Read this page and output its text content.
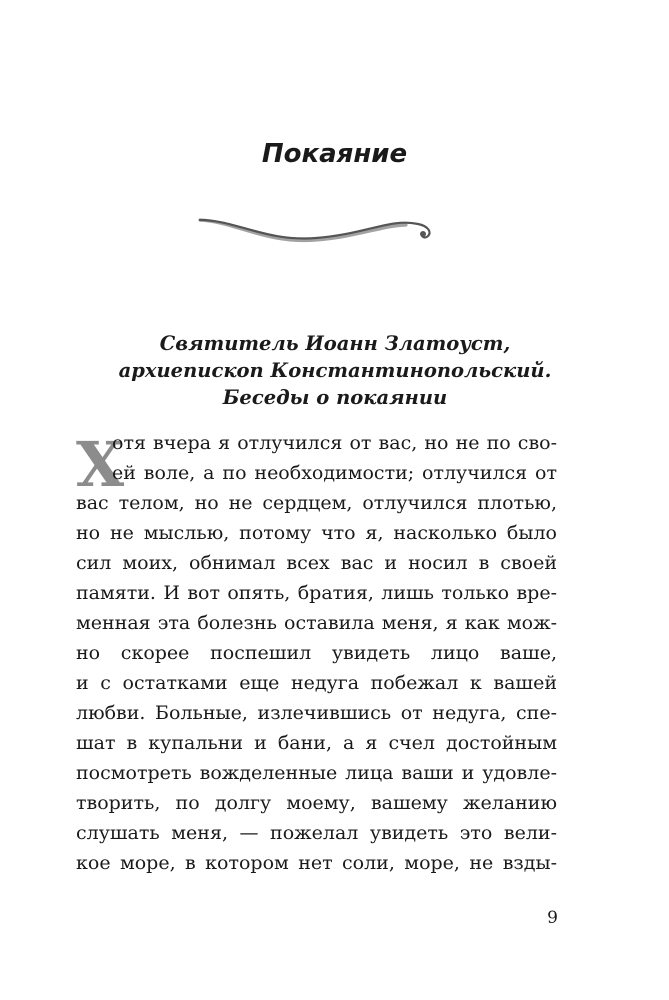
Покаяние
Святитель Иоанн Златоуст,
архиепископ Константинопольский.
Беседы о покаянии
Х
отя вчера я отлучился от вас, но не по сво-
ей воле, а по необходимости; отлучился от
вас телом, но не сердцем, отлучился плотью,
но не мыслью, потому что я, насколько было
сил моих, обнимал всех вас и носил в своей
памяти. И вот опять, братия, лишь только вре-
менная эта болезнь оставила меня, я как мож-
но скорее поспешил увидеть лицо ваше,
и с остатками еще недуга побежал к вашей
любви. Больные, излечившись от недуга, спе-
шат в купальни и бани, а я счел достойным
посмотреть вожделенные лица ваши и удовле-
творить, по долгу моему, вашему желанию
слушать меня, — пожелал увидеть это вели-
кое море, в котором нет соли, море, не взды-
9
